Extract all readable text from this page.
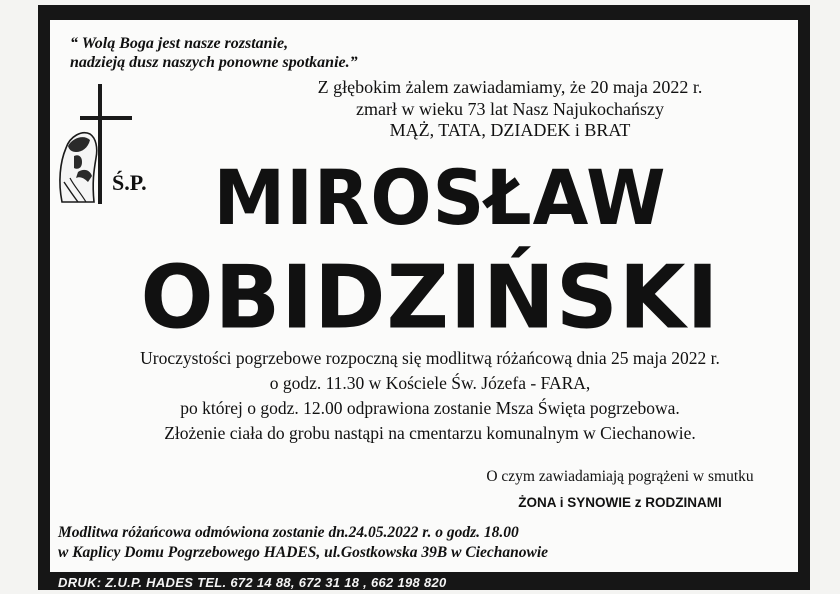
“ Wolą Boga jest nasze rozstanie,
nadzieją dusz naszych ponowne spotkanie.”
Z głębokim żalem zawiadamiamy, że 20 maja 2022 r.
zmarł w wieku 73 lat Nasz Najukochańszy
MĄŻ, TATA, DZIADEK i BRAT
Ś.P. MIROSŁAW
OBIDZIŃSKI
Uroczystości pogrzebowe rozpoczną się modlitwą różańcową dnia 25 maja 2022 r.
o godz. 11.30 w Kościele Św. Józefa - FARA,
po której o godz. 12.00 odprawiona zostanie Msza Święta pogrzebowa.
Złożenie ciała do grobu nastąpi na cmentarzu komunalnym w Ciechanowie.
O czym zawiadamiają pogrążeni w smutku
ŻONA i SYNOWIE z RODZINAMI
Modlitwa różańcowa odmówiona zostanie dn.24.05.2022 r. o godz. 18.00
w Kaplicy Domu Pogrzebowego HADES, ul.Gostkowska 39B w Ciechanowie
DRUK: Z.U.P. HADES TEL. 672 14 88, 672 31 18 , 662 198 820
